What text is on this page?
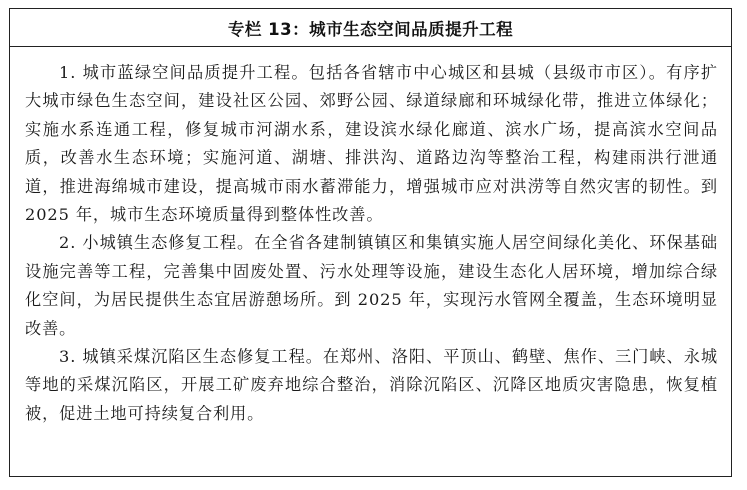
专栏 13：城市生态空间品质提升工程

1. 城市蓝绿空间品质提升工程。包括各省辖市中心城区和县城（县级市市区）。有序扩大城市绿色生态空间，建设社区公园、郊野公园、绿道绿廊和环城绿化带，推进立体绿化；实施水系连通工程，修复城市河湖水系，建设滨水绿化廊道、滨水广场，提高滨水空间品质，改善水生态环境；实施河道、湖塘、排洪沟、道路边沟等整治工程，构建雨洪行泄通道，推进海绵城市建设，提高城市雨水蓄滞能力，增强城市应对洪涝等自然灾害的韧性。到 2025 年，城市生态环境质量得到整体性改善。

2. 小城镇生态修复工程。在全省各建制镇镇区和集镇实施人居空间绿化美化、环保基础设施完善等工程，完善集中固废处置、污水处理等设施，建设生态化人居环境，增加综合绿化空间，为居民提供生态宜居游憩场所。到 2025 年，实现污水管网全覆盖，生态环境明显改善。

3. 城镇采煤沉陷区生态修复工程。在郑州、洛阳、平顶山、鹤壁、焦作、三门峡、永城等地的采煤沉陷区，开展工矿废弃地综合整治，消除沉陷区、沉降区地质灾害隐患，恢复植被，促进土地可持续复合利用。
